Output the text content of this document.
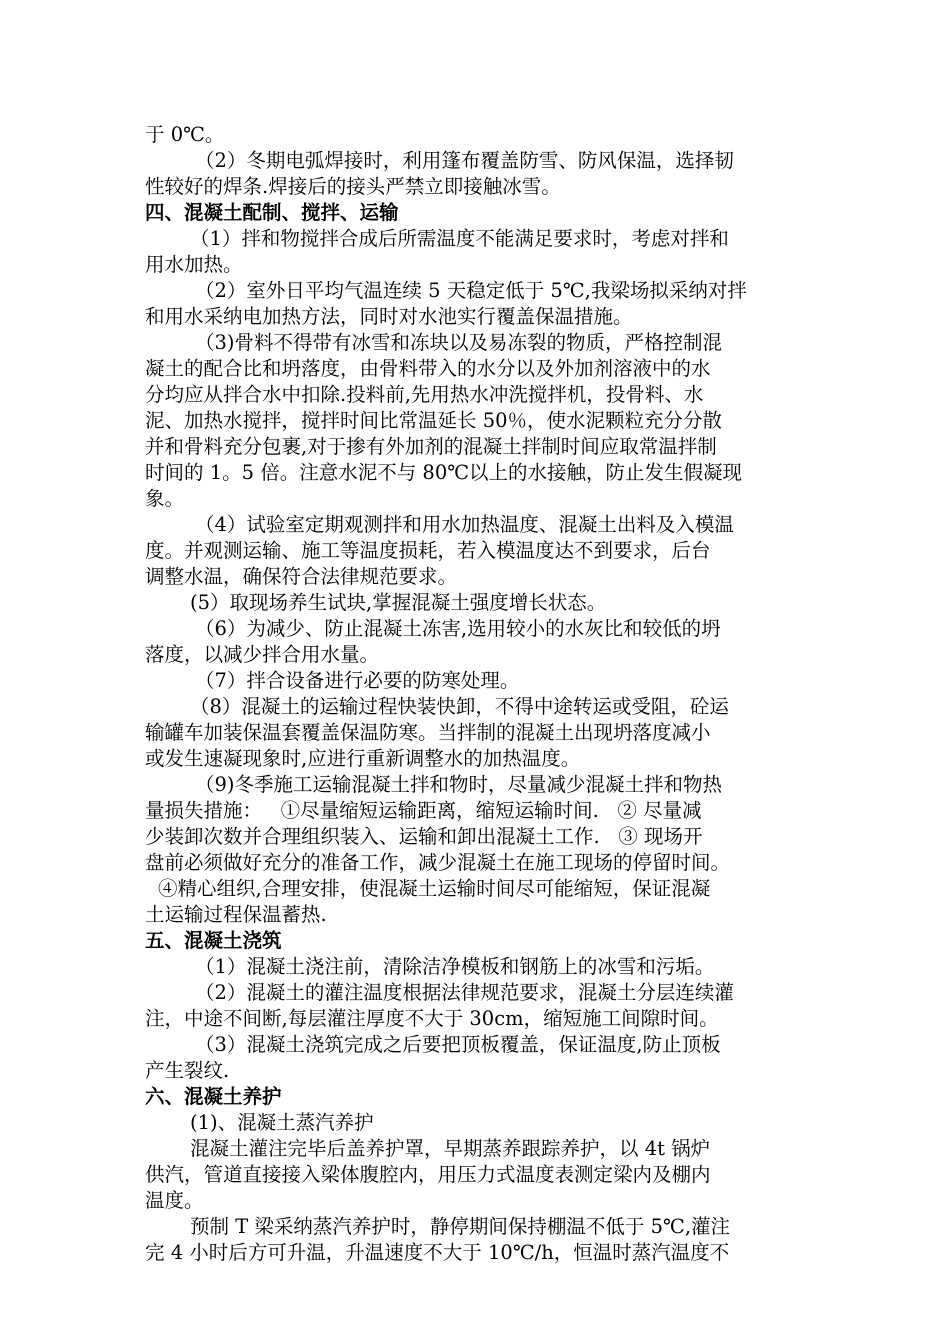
于 0℃。
（2）冬期电弧焊接时，利用篷布覆盖防雪、防风保温，选择韧
性较好的焊条.焊接后的接头严禁立即接触冰雪。
四、混凝土配制、搅拌、运输
（1）拌和物搅拌合成后所需温度不能满足要求时，考虑对拌和
用水加热。
（2）室外日平均气温连续 5 天稳定低于 5℃,我梁场拟采纳对拌
和用水采纳电加热方法，同时对水池实行覆盖保温措施。
（3)骨料不得带有冰雪和冻块以及易冻裂的物质，严格控制混
凝土的配合比和坍落度，由骨料带入的水分以及外加剂溶液中的水
分均应从拌合水中扣除.投料前,先用热水冲洗搅拌机，投骨料、水
泥、加热水搅拌，搅拌时间比常温延长 50％，使水泥颗粒充分分散
并和骨料充分包裹,对于掺有外加剂的混凝土拌制时间应取常温拌制
时间的 1。5 倍。注意水泥不与 80℃以上的水接触，防止发生假凝现
象。
（4）试验室定期观测拌和用水加热温度、混凝土出料及入模温
度。并观测运输、施工等温度损耗，若入模温度达不到要求，后台
调整水温，确保符合法律规范要求。
(5）取现场养生试块,掌握混凝土强度增长状态。
（6）为减少、防止混凝土冻害,选用较小的水灰比和较低的坍
落度，以减少拌合用水量。
（7）拌合设备进行必要的防寒处理。
（8）混凝土的运输过程快装快卸，不得中途转运或受阻，砼运
输罐车加装保温套覆盖保温防寒。当拌制的混凝土出现坍落度减小
或发生速凝现象时,应进行重新调整水的加热温度。
（9)冬季施工运输混凝土拌和物时，尽量减少混凝土拌和物热
量损失措施：   ①尽量缩短运输距离，缩短运输时间.   ② 尽量减
少装卸次数并合理组织装入、运输和卸出混凝土工作.   ③ 现场开
盘前必须做好充分的准备工作，减少混凝土在施工现场的停留时间。
④精心组织,合理安排，使混凝土运输时间尽可能缩短，保证混凝
土运输过程保温蓄热.
五、混凝土浇筑
（1）混凝土浇注前，清除洁净模板和钢筋上的冰雪和污垢。
（2）混凝土的灌注温度根据法律规范要求，混凝土分层连续灌
注，中途不间断,每层灌注厚度不大于 30cm，缩短施工间隙时间。
（3）混凝土浇筑完成之后要把顶板覆盖，保证温度,防止顶板
产生裂纹.
六、混凝土养护
(1)、混凝土蒸汽养护
混凝土灌注完毕后盖养护罩，早期蒸养跟踪养护，以 4t 锅炉
供汽，管道直接接入梁体腹腔内，用压力式温度表测定梁内及棚内
温度。
预制 T 梁采纳蒸汽养护时，静停期间保持棚温不低于 5℃,灌注
完 4 小时后方可升温，升温速度不大于 10℃/h，恒温时蒸汽温度不
